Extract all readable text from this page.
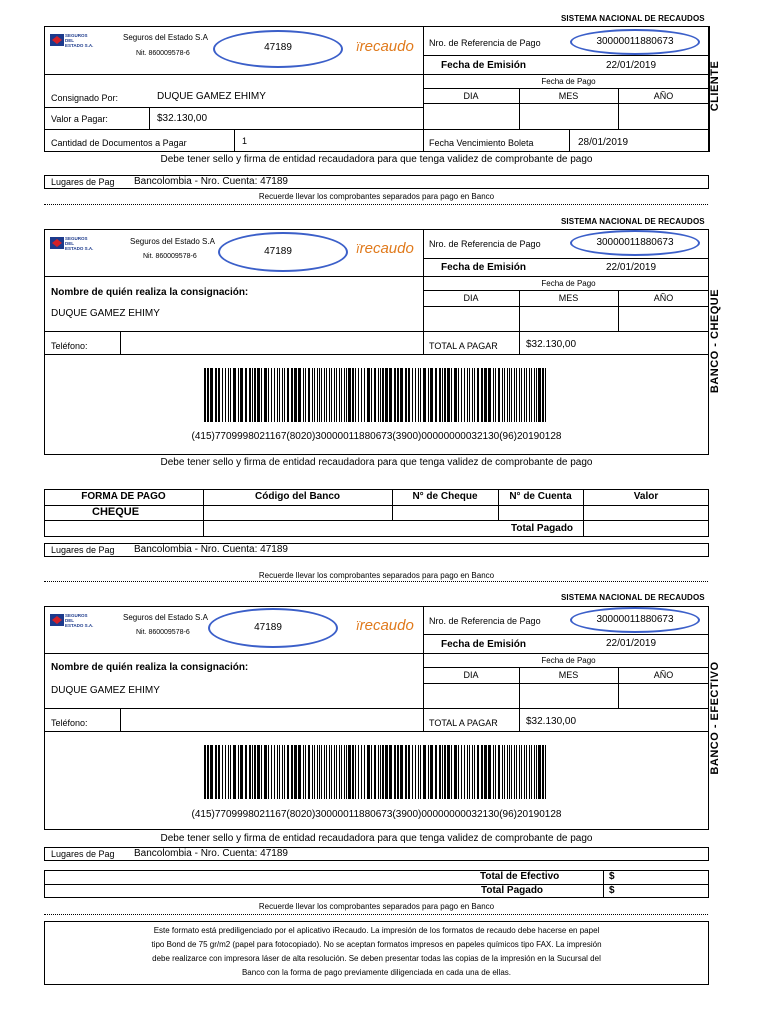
SISTEMA NACIONAL DE RECAUDOS
SEGUROS
DEL
ESTADO S.A.
Seguros del Estado S.A
Nit. 860009578-6
47189	ïrecaudo Nro. de Referencia de Pago	30000011880673
Fecha de Emisión	22/01/2019
Fecha de Pago
DIA	MES	AÑO
Consignado Por:	DUQUE GAMEZ EHIMY
Valor a Pagar:	$32.130,00
Cantidad de Documentos a Pagar	1	Fecha Vencimiento Boleta	28/01/2019
CLIENTE
Debe tener sello y firma de entidad recaudadora para que tenga validez de comprobante de pago
Lugares de Pag Bancolombia - Nro. Cuenta: 47189
Recuerde llevar los comprobantes separados para pago en Banco
SISTEMA NACIONAL DE RECAUDOS
SEGUROS
DEL
ESTADO S.A.
Seguros del Estado S.A
Nit. 860009578-6	47189	ïrecaudo Nro. de Referencia de Pago	30000011880673
Fecha de Emisión	22/01/2019
Fecha de Pago
DIA	MES	AÑO
Nombre de quién realiza la consignación:
DUQUE GAMEZ EHIMY
Teléfono:	TOTAL A PAGAR	$32.130,00
(415)7709998021167(8020)30000011880673(3900)00000000032130(96)20190128
BANCO - CHEQUE
Debe tener sello y firma de entidad recaudadora para que tenga validez de comprobante de pago
FORMA DE PAGO	Código del Banco	N° de Cheque	N° de Cuenta	Valor
CHEQUE
Total Pagado
Lugares de Pag Bancolombia - Nro. Cuenta: 47189
Recuerde llevar los comprobantes separados para pago en Banco
SISTEMA NACIONAL DE RECAUDOS
SEGUROS
DEL
ESTADO S.A.
Seguros del Estado S.A
Nit. 860009578-6	47189	ïrecaudo Nro. de Referencia de Pago	30000011880673
Fecha de Emisión	22/01/2019
Fecha de Pago
DIA	MES	AÑO
Nombre de quién realiza la consignación:
DUQUE GAMEZ EHIMY
Teléfono:	TOTAL A PAGAR	$32.130,00
(415)7709998021167(8020)30000011880673(3900)00000000032130(96)20190128
BANCO - EFECTIVO
Debe tener sello y firma de entidad recaudadora para que tenga validez de comprobante de pago
Lugares de Pag Bancolombia - Nro. Cuenta: 47189
Total de Efectivo	$
Total Pagado	$
Recuerde llevar los comprobantes separados para pago en Banco
Este formato está prediligenciado por el aplicativo iRecaudo. La impresión de los formatos de recaudo debe hacerse en papel
tipo Bond de 75 gr/m2 (papel para fotocopiado). No se aceptan formatos impresos en papeles químicos tipo FAX. La impresión
debe realizarce con impresora láser de alta resolución. Se deben presentar todas las copias de la impresión en la Sucursal del
Banco con la forma de pago previamente diligenciada en cada una de ellas.
